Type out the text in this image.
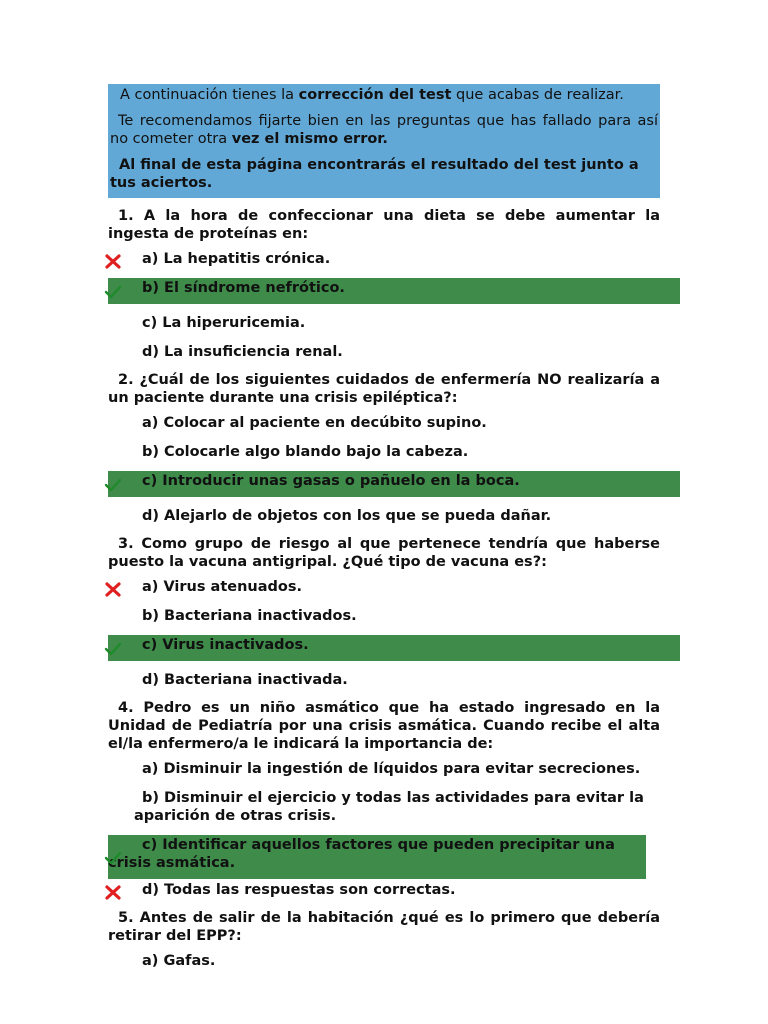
A continuación tienes la corrección del test que acabas de realizar.

Te recomendamos fijarte bien en las preguntas que has fallado para así no cometer otra vez el mismo error.

Al final de esta página encontrarás el resultado del test junto a tus aciertos.

1. A la hora de confeccionar una dieta se debe aumentar la ingesta de proteínas en:
a) La hepatitis crónica.
b) El síndrome nefrótico.
c) La hiperuricemia.
d) La insuficiencia renal.
2. ¿Cuál de los siguientes cuidados de enfermería NO realizaría a un paciente durante una crisis epiléptica?:
a) Colocar al paciente en decúbito supino.
b) Colocarle algo blando bajo la cabeza.
c) Introducir unas gasas o pañuelo en la boca.
d) Alejarlo de objetos con los que se pueda dañar.
3. Como grupo de riesgo al que pertenece tendría que haberse puesto la vacuna antigripal. ¿Qué tipo de vacuna es?:
a) Virus atenuados.
b) Bacteriana inactivados.
c) Virus inactivados.
d) Bacteriana inactivada.
4. Pedro es un niño asmático que ha estado ingresado en la Unidad de Pediatría por una crisis asmática. Cuando recibe el alta el/la enfermero/a le indicará la importancia de:
a) Disminuir la ingestión de líquidos para evitar secreciones.
b) Disminuir el ejercicio y todas las actividades para evitar la aparición de otras crisis.
c) Identificar aquellos factores que pueden precipitar una crisis asmática.
d) Todas las respuestas son correctas.
5. Antes de salir de la habitación ¿qué es lo primero que debería retirar del EPP?:
a) Gafas.
